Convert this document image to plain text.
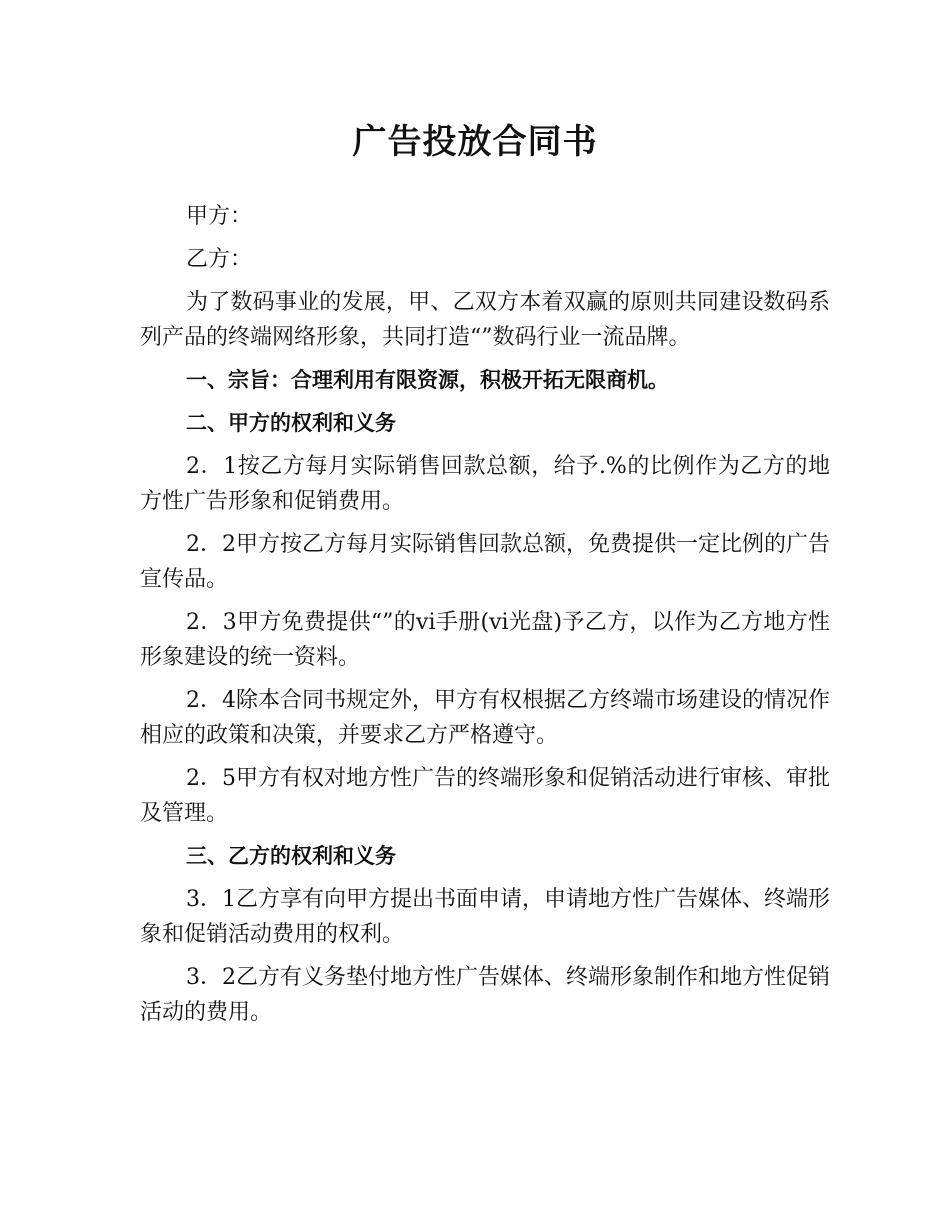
广告投放合同书

甲方：

乙方：

为了数码事业的发展，甲、乙双方本着双赢的原则共同建设数码系列产品的终端网络形象，共同打造“”数码行业一流品牌。

一、宗旨：合理利用有限资源，积极开拓无限商机。

二、甲方的权利和义务

2．1按乙方每月实际销售回款总额，给予.%的比例作为乙方的地方性广告形象和促销费用。

2．2甲方按乙方每月实际销售回款总额，免费提供一定比例的广告宣传品。

2．3甲方免费提供“”的vi手册(vi光盘)予乙方，以作为乙方地方性形象建设的统一资料。

2．4除本合同书规定外，甲方有权根据乙方终端市场建设的情况作相应的政策和决策，并要求乙方严格遵守。

2．5甲方有权对地方性广告的终端形象和促销活动进行审核、审批及管理。

三、乙方的权利和义务

3．1乙方享有向甲方提出书面申请，申请地方性广告媒体、终端形象和促销活动费用的权利。

3．2乙方有义务垫付地方性广告媒体、终端形象制作和地方性促销活动的费用。
